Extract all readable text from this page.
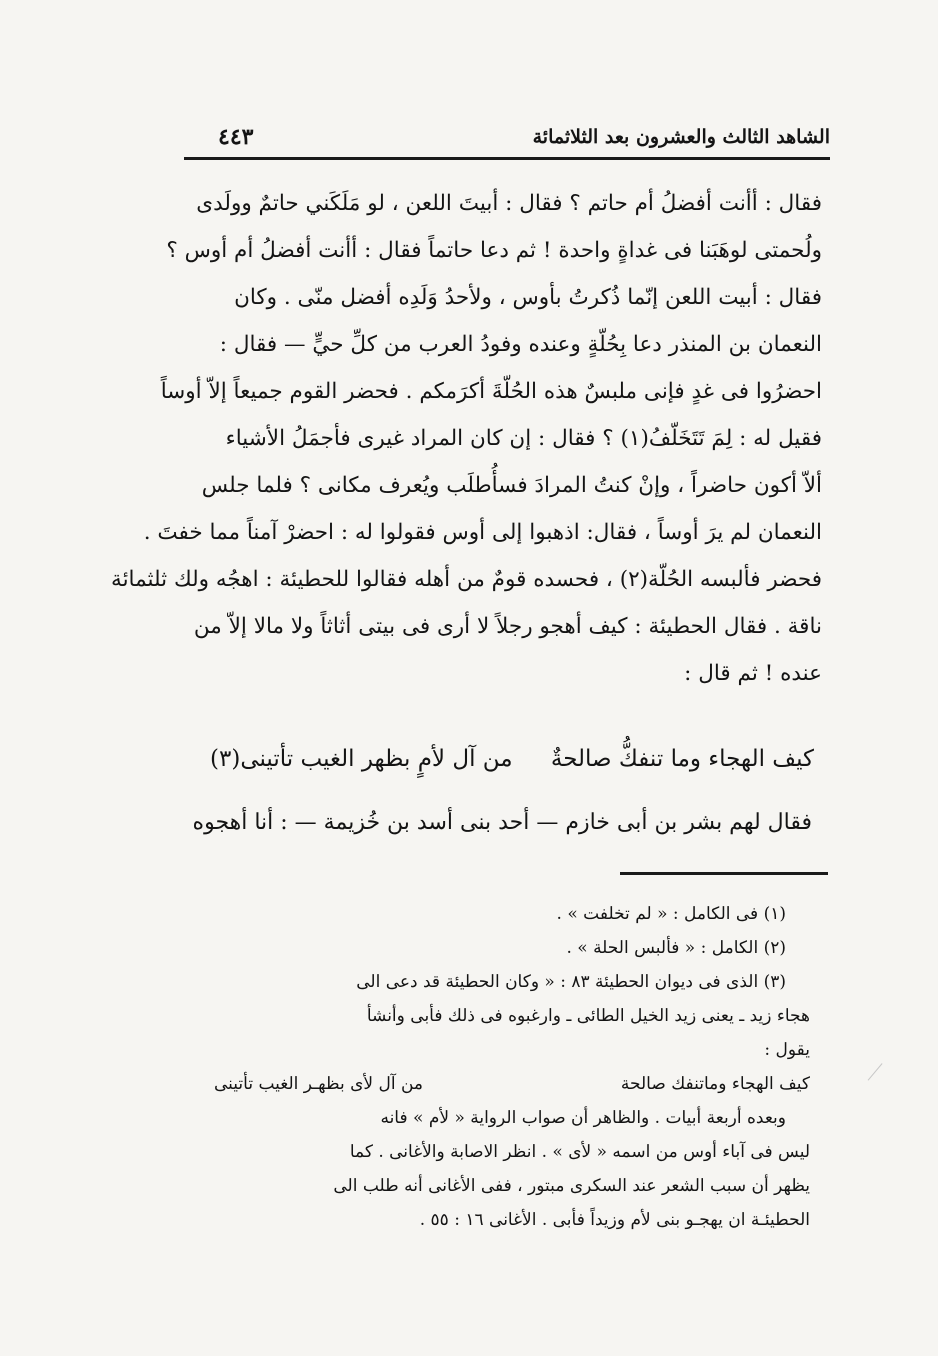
الشاهد الثالث والعشرون بعد الثلاثمائة
٤٤٣
فقال : أأنت أفضلُ أم حاتم ؟ فقال : أبيتَ اللعن ، لو مَلَكَني حاتمٌ وولَدى
ولُحمتى لوهَبَنا فى غداةٍ واحدة ! ثم دعا حاتماً فقال : أأنت أفضلُ أم أوس ؟
فقال : أبيت اللعن إنّما ذُكرتُ بأوس ، ولأحدُ وَلَدِه أفضل منّى . وكان
النعمان بن المنذر دعا بِحُلّةٍ وعنده وفودُ العرب من كلِّ حيٍّ — فقال :
احضرُوا فى غدٍ فإنى ملبسٌ هذه الحُلّةَ أكرَمكم . فحضر القوم جميعاً إلاّ أوساً
فقيل له : لِمَ تَتَخَلّفُ(١) ؟ فقال : إن كان المراد غيرى فأجمَلُ الأشياء
ألاّ أكون حاضراً ، وإنْ كنتُ المرادَ فسأُطلَب ويُعرف مكانى ؟ فلما جلس
النعمان لم يرَ أوساً ، فقال: اذهبوا إلى أوس فقولوا له : احضرْ آمناً مما خفتَ .
فحضر فألبسه الحُلّة(٢) ، فحسده قومٌ من أهله فقالوا للحطيئة : اهجُه ولك ثلثمائة
ناقة . فقال الحطيئة : كيف أهجو رجلاً لا أرى فى بيتى أثاثاً ولا مالا إلاّ من
عنده ! ثم قال :
كيف الهجاء وما تنفكُّ صالحةٌ
من آل لأمٍ بظهر الغيب تأتينى(٣)
فقال لهم بشر بن أبى خازم — أحد بنى أسد بن خُزيمة — : أنا أهجوه
(١) فى الكامل : « لم تخلفت » .
(٢) الكامل : « فألبس الحلة » .
(٣) الذى فى ديوان الحطيئة ٨٣ : « وكان الحطيئة قد دعى الى
هجاء زيد ـ يعنى زيد الخيل الطائى ـ وارغبوه فى ذلك فأبى وأنشأ
يقول :
كيف الهجاء وماتنفك صالحة
من آل لأى بظهـر الغيب تأتينى
وبعده أربعة أبيات . والظاهر أن صواب الرواية « لأم » فانه
ليس فى آباء أوس من اسمه « لأى » . انظر الاصابة والأغانى . كما
يظهر أن سبب الشعر عند السكرى مبتور ، ففى الأغانى أنه طلب الى
الحطيئـة ان يهجـو بنى لأم وزيداً فأبى . الأغانى ١٦ : ٥٥ .
